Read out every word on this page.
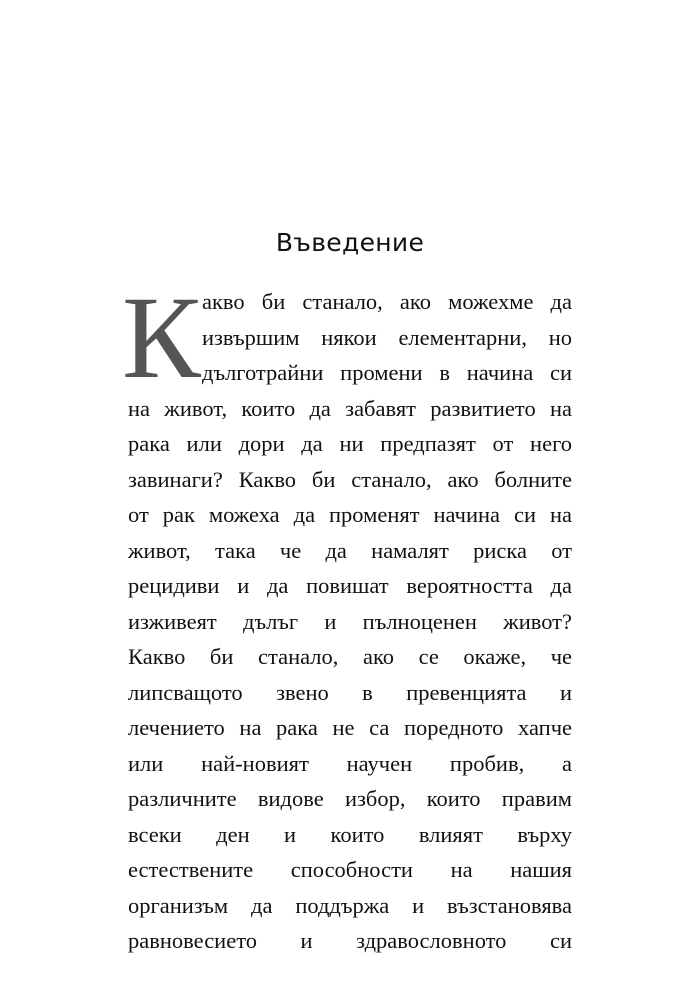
Въведение
К акво би станало, ако можехме да
извършим някои елементарни, но
дълготрайни промени в начина си
на живот, които да забавят развитието на
рака или дори да ни предпазят от него
завинаги? Какво би станало, ако болните
от рак можеха да променят начина си на
живот, така че да намалят риска от
рецидиви и да повишат вероятността да
изживеят дълъг и пълноценен живот?
Какво би станало, ако се окаже, че
липсващото звено в превенцията и
лечението на рака не са поредното хапче
или най-новият научен пробив, а
различните видове избор, които правим
всеки ден и които влияят върху
естествените способности на нашия
организъм да поддържа и възстановява
равновесието и здравословното си
